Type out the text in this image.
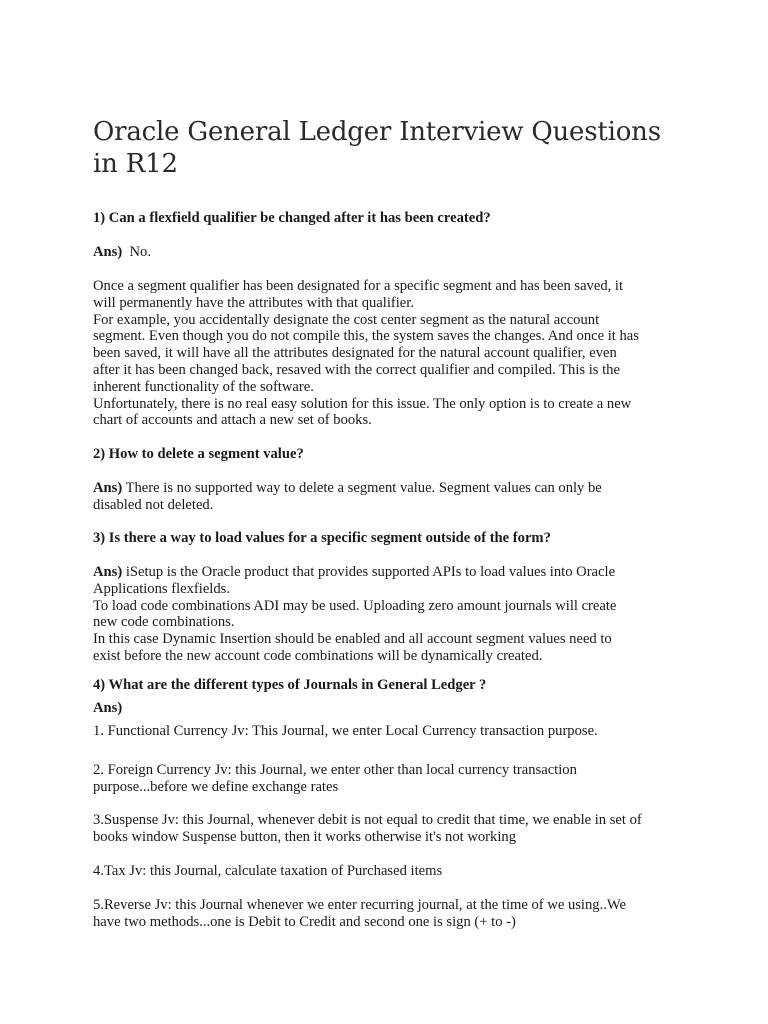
Oracle General Ledger Interview Questions
in R12
1) Can a flexfield qualifier be changed after it has been created?
Ans) No.
Once a segment qualifier has been designated for a specific segment and has been saved, it
will permanently have the attributes with that qualifier.
For example, you accidentally designate the cost center segment as the natural account
segment. Even though you do not compile this, the system saves the changes. And once it has
been saved, it will have all the attributes designated for the natural account qualifier, even
after it has been changed back, resaved with the correct qualifier and compiled. This is the
inherent functionality of the software.
Unfortunately, there is no real easy solution for this issue. The only option is to create a new
chart of accounts and attach a new set of books.
2) How to delete a segment value?
Ans) There is no supported way to delete a segment value. Segment values can only be
disabled not deleted.
3) Is there a way to load values for a specific segment outside of the form?
Ans) iSetup is the Oracle product that provides supported APIs to load values into Oracle
Applications flexfields.
To load code combinations ADI may be used. Uploading zero amount journals will create
new code combinations.
In this case Dynamic Insertion should be enabled and all account segment values need to
exist before the new account code combinations will be dynamically created.
4) What are the different types of Journals in General Ledger ?
Ans)
1. Functional Currency Jv: This Journal, we enter Local Currency transaction purpose.
2. Foreign Currency Jv: this Journal, we enter other than local currency transaction
purpose...before we define exchange rates
3.Suspense Jv: this Journal, whenever debit is not equal to credit that time, we enable in set of
books window Suspense button, then it works otherwise it's not working
4.Tax Jv: this Journal, calculate taxation of Purchased items
5.Reverse Jv: this Journal whenever we enter recurring journal, at the time of we using..We
have two methods...one is Debit to Credit and second one is sign (+ to -)
